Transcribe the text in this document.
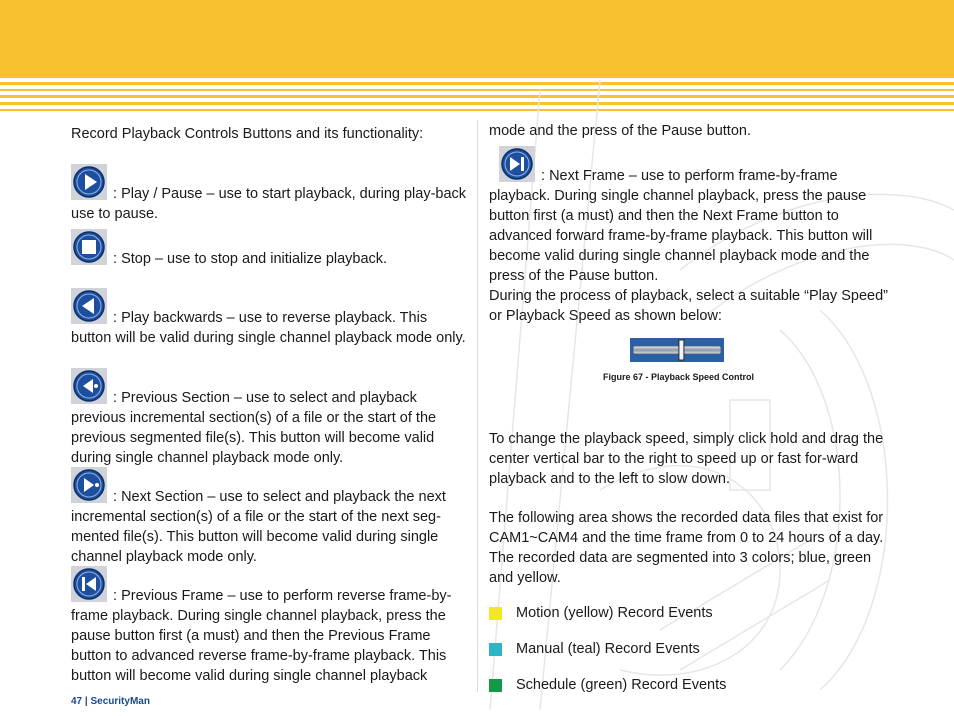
Record Playback Controls Buttons and its functionality:

: Play / Pause – use to start playback, during play-back use to pause.

: Stop – use to stop and initialize playback.

: Play backwards – use to reverse playback. This button will be valid during single channel playback mode only.

: Previous Section – use to select and playback previous incremental section(s) of a file or the start of the previous segmented file(s). This button will become valid during single channel playback mode only.

: Next Section – use to select and playback the next incremental section(s) of a file or the start of the next seg-mented file(s). This button will become valid during single channel playback mode only.

: Previous Frame – use to perform reverse frame-by-frame playback. During single channel playback, press the pause button first (a must) and then the Previous Frame button to advanced reverse frame-by-frame playback. This button will become valid during single channel playback

mode and the press of the Pause button.

: Next Frame – use to perform frame-by-frame playback. During single channel playback, press the pause button first (a must) and then the Next Frame button to advanced forward frame-by-frame playback. This button will become valid during single channel playback mode and the press of the Pause button.

During the process of playback, select a suitable “Play Speed” or Playback Speed as shown below:

Figure 67 - Playback Speed Control

To change the playback speed, simply click hold and drag the center vertical bar to the right to speed up or fast for-ward playback and to the left to slow down.

The following area shows the recorded data files that exist for CAM1~CAM4 and the time frame from 0 to 24 hours of a day. The recorded data are segmented into 3 colors; blue, green and yellow.

Motion (yellow) Record Events
Manual (teal) Record Events
Schedule (green) Record Events
47 | SecurityMan
